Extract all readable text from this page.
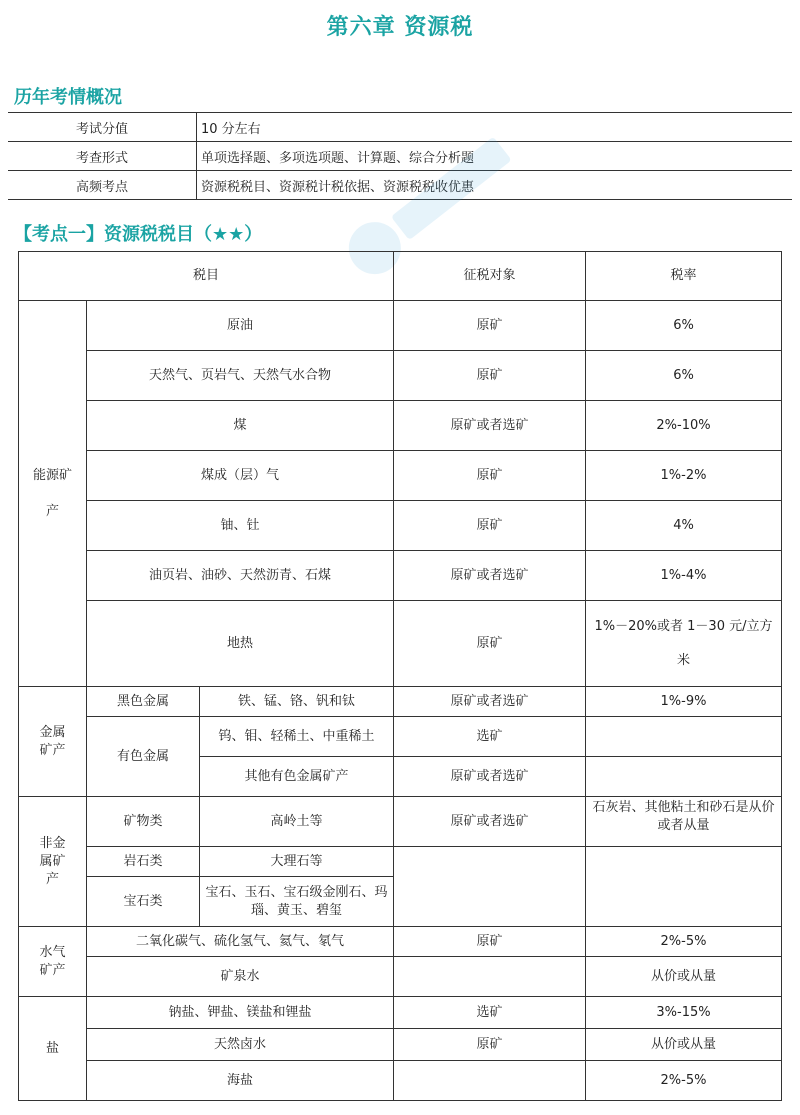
第六章 资源税
历年考情概况
考试分值	10 分左右
考查形式	单项选择题、多项选项题、计算题、综合分析题
高频考点	资源税税目、资源税计税依据、资源税税收优惠
【考点一】资源税税目（★★）
税目			征税对象	税率
能源矿产	原油		原矿	6%
	天然气、页岩气、天然气水合物		原矿	6%
	煤		原矿或者选矿	2%-10%
	煤成（层）气		原矿	1%-2%
	铀、钍		原矿	4%
	油页岩、油砂、天然沥青、石煤		原矿或者选矿	1%-4%
	地热		原矿	1%－20%或者 1－30 元/立方米
金属矿产	黑色金属	铁、锰、铬、钒和钛	原矿或者选矿	1%-9%
	有色金属	钨、钼、轻稀土、中重稀土	选矿	
		其他有色金属矿产	原矿或者选矿	
非金属矿产	矿物类	高岭土等	原矿或者选矿	石灰岩、其他粘土和砂石是从价或者从量
	岩石类	大理石等		
	宝石类	宝石、玉石、宝石级金刚石、玛瑙、黄玉、碧玺		
水气矿产	二氧化碳气、硫化氢气、氦气、氡气		原矿	2%-5%
	矿泉水			从价或从量
盐	钠盐、钾盐、镁盐和锂盐		选矿	3%-15%
	天然卤水		原矿	从价或从量
	海盐			2%-5%
